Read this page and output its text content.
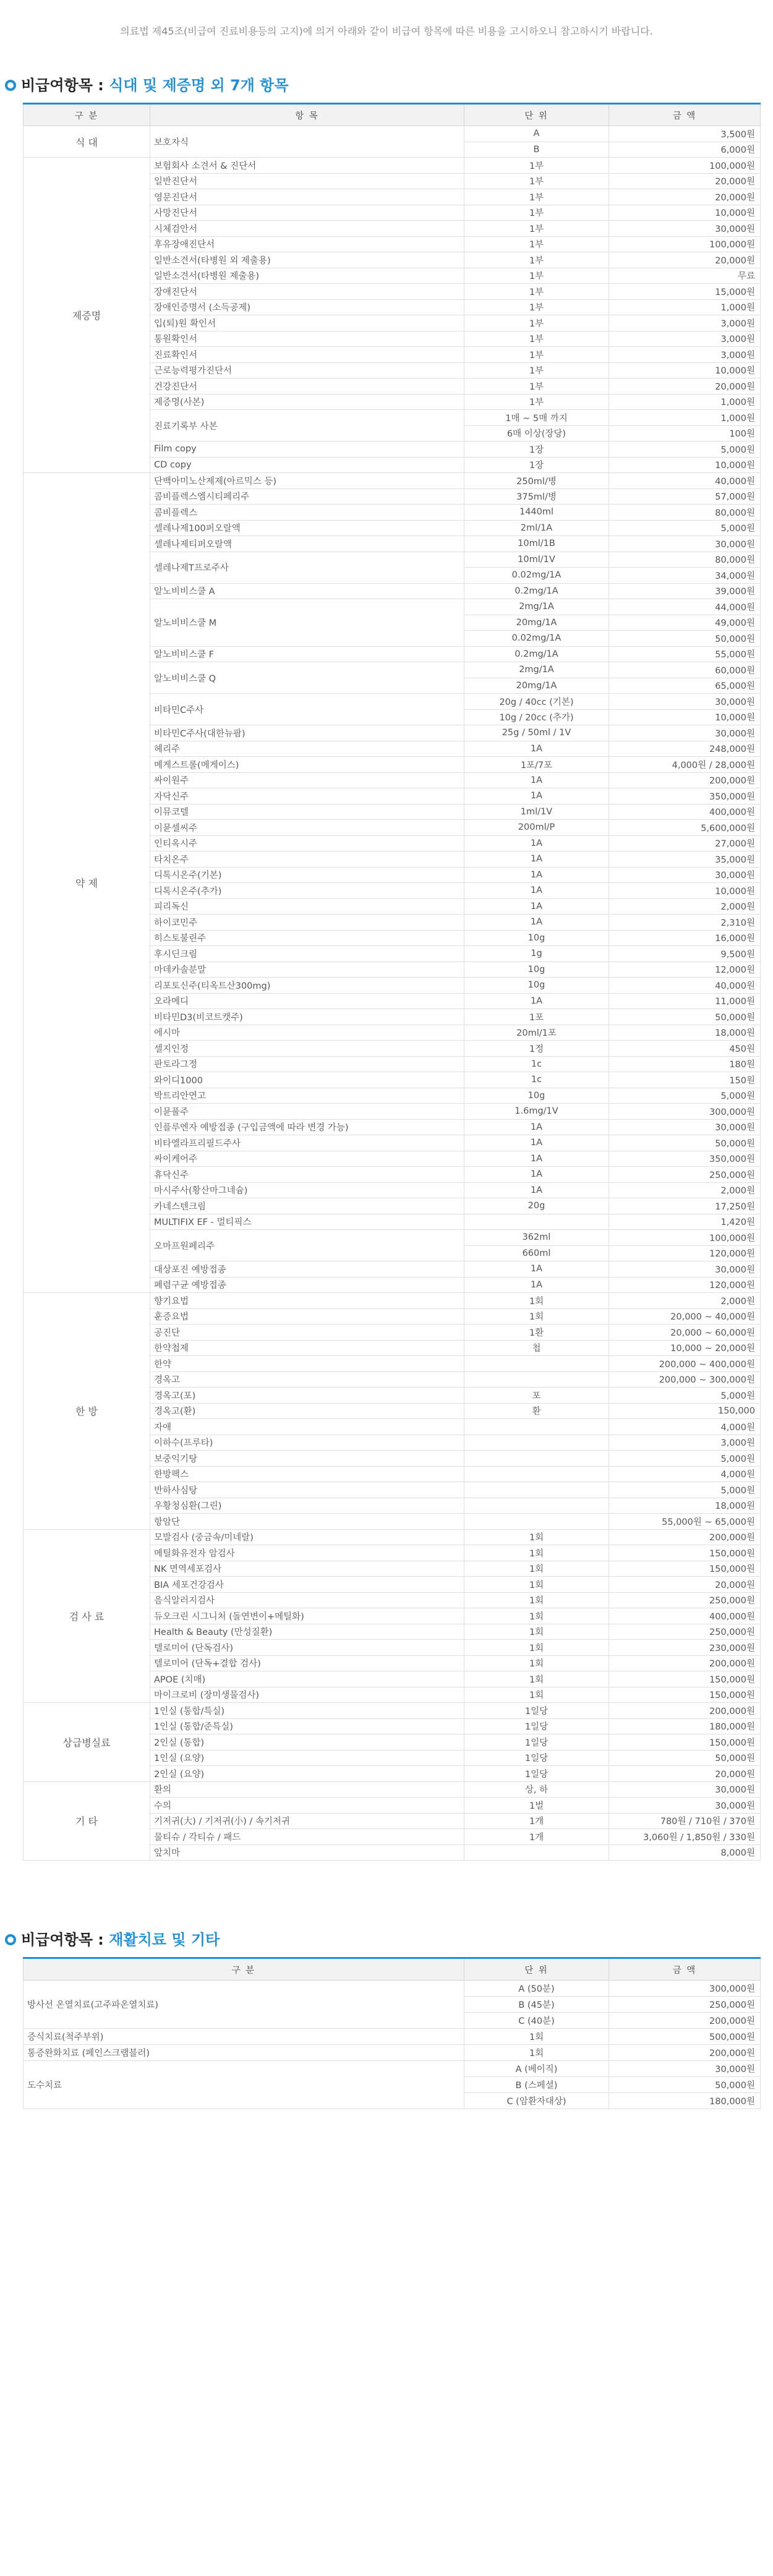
의료법 제45조(비급여 진료비용등의 고지)에 의거 아래와 같이 비급여 항목에 따른 비용을 고시하오니 참고하시기 바랍니다.
비급여항목 : 식대 및 제증명 외 7개 항목
구 분	항 목	단 위	금 액
식 대	보호자식	A	3,500원
		B	6,000원
제증명	보험회사 소견서 & 진단서	1부	100,000원
	일반진단서	1부	20,000원
	영문진단서	1부	20,000원
	사망진단서	1부	10,000원
	시체검안서	1부	30,000원
	후유장애진단서	1부	100,000원
	일반소견서(타병원 외 제출용)	1부	20,000원
	일반소견서(타병원 제출용)	1부	무료
	장애진단서	1부	15,000원
	장애인증명서 (소득공제)	1부	1,000원
	입(퇴)원 확인서	1부	3,000원
	통원확인서	1부	3,000원
	진료확인서	1부	3,000원
	근로능력평가진단서	1부	10,000원
	건강진단서	1부	20,000원
	제증명(사본)	1부	1,000원
	진료기록부 사본	1매 ~ 5매 까지	1,000원
		6매 이상(장당)	100원
	Film copy	1장	5,000원
	CD copy	1장	10,000원
약 제	단백아미노산제제(아르믹스 등)	250ml/병	40,000원
	콤비플렉스엠시티페리주	375ml/병	57,000원
	콤비플렉스	1440ml	80,000원
	셀레나제100퍼오랄액	2ml/1A	5,000원
	셀레나제티퍼오랄액	10ml/1B	30,000원
	셀레나제T프로주사	10ml/1V	80,000원
		0.02mg/1A	34,000원
	알노비비스쿨 A	0.2mg/1A	39,000원
	알노비비스쿨 M	2mg/1A	44,000원
		20mg/1A	49,000원
		0.02mg/1A	50,000원
	알노비비스쿨 F	0.2mg/1A	55,000원
	알노비비스쿨 Q	2mg/1A	60,000원
		20mg/1A	65,000원
	비타민C주사	20g / 40cc (기본)	30,000원
		10g / 20cc (추가)	10,000원
	비타민C주사(대한뉴팜)	25g / 50ml / 1V	30,000원
	헤리주	1A	248,000원
	메게스트롤(메게이스)	1포/7포	4,000원 / 28,000원
	싸이원주	1A	200,000원
	자닥신주	1A	350,000원
	이뮤코텔	1ml/1V	400,000원
	이뮨셀씨주	200ml/P	5,600,000원
	인티옥시주	1A	27,000원
	타치온주	1A	35,000원
	디톡시온주(기본)	1A	30,000원
	디톡시온주(추가)	1A	10,000원
	피리독신	1A	2,000원
	하이코민주	1A	2,310원
	히스토불린주	10g	16,000원
	후시딘크림	1g	9,500원
	마데카솔분말	10g	12,000원
	리포토신주(티옥트산300mg)	10g	40,000원
	오라메디	1A	11,000원
	비타민D3(비코트캣주)	1포	50,000원
	에시마	20ml/1포	18,000원
	셀지인정	1정	450원
	판토라그정	1c	180원
	와이디1000	1c	150원
	박트리안연고	10g	5,000원
	이뮨풀주	1.6mg/1V	300,000원
	인플루엔자 예방접종 (구입금액에 따라 변경 가능)	1A	30,000원
	비타엘라프리필드주사	1A	50,000원
	싸이케어주	1A	350,000원
	휴닥신주	1A	250,000원
	마시주사(황산마그네슘)	1A	2,000원
	카네스텐크림	20g	17,250원
	MULTIFIX EF - 멀티픽스		1,420원
	오마프원페리주	362ml	100,000원
		660ml	120,000원
	대상포진 예방접종	1A	30,000원
	폐렴구균 예방접종	1A	120,000원
한 방	향기요법	1회	2,000원
	훈증요법	1회	20,000 ~ 40,000원
	공진단	1환	20,000 ~ 60,000원
	한약첩제	첩	10,000 ~ 20,000원
	한약		200,000 ~ 400,000원
	경옥고		200,000 ~ 300,000원
	경옥고(포)	포	5,000원
	경옥고(환)	환	150,000
	자애		4,000원
	이하수(프루타)		3,000원
	보중익기탕		5,000원
	한방팩스		4,000원
	반하사심탕		5,000원
	우황청심환(그린)		18,000원
	항암단		55,000원 ~ 65,000원
검 사 료	모발검사 (중금속/미네랄)	1회	200,000원
	메틸화유전자 암검사	1회	150,000원
	NK 면역세포검사	1회	150,000원
	BIA 세포건강검사	1회	20,000원
	음식알러지검사	1회	250,000원
	듀오크린 시그니처 (돌연변이+메틸화)	1회	400,000원
	Health & Beauty (만성질환)	1회	250,000원
	텔로미어 (단독검사)	1회	230,000원
	텔로미어 (단독+결합 검사)	1회	200,000원
	APOE (치매)	1회	150,000원
	마이크로비 (장미생물검사)	1회	150,000원
상급병실료	1인실 (통합/특실)	1일당	200,000원
	1인실 (통합/준특실)	1일당	180,000원
	2인실 (통합)	1일당	150,000원
	1인실 (요양)	1일당	50,000원
	2인실 (요양)	1일당	20,000원
기 타	환의	상, 하	30,000원
	수의	1벌	30,000원
	기저귀(大) / 기저귀(小) / 속기저귀	1개	780원 / 710원 / 370원
	물티슈 / 각티슈 / 패드	1개	3,060원 / 1,850원 / 330원
	앞치마		8,000원
비급여항목 : 재활치료 및 기타
구 분	단 위	금 액
방사선 온열치료(고주파온열치료)	A (50분)	300,000원
	B (45분)	250,000원
	C (40분)	200,000원
증식치료(척주부위)	1회	500,000원
통증완화치료 (페인스크램블러)	1회	200,000원
도수치료	A (베이직)	30,000원
	B (스페셜)	50,000원
	C (암환자대상)	180,000원
